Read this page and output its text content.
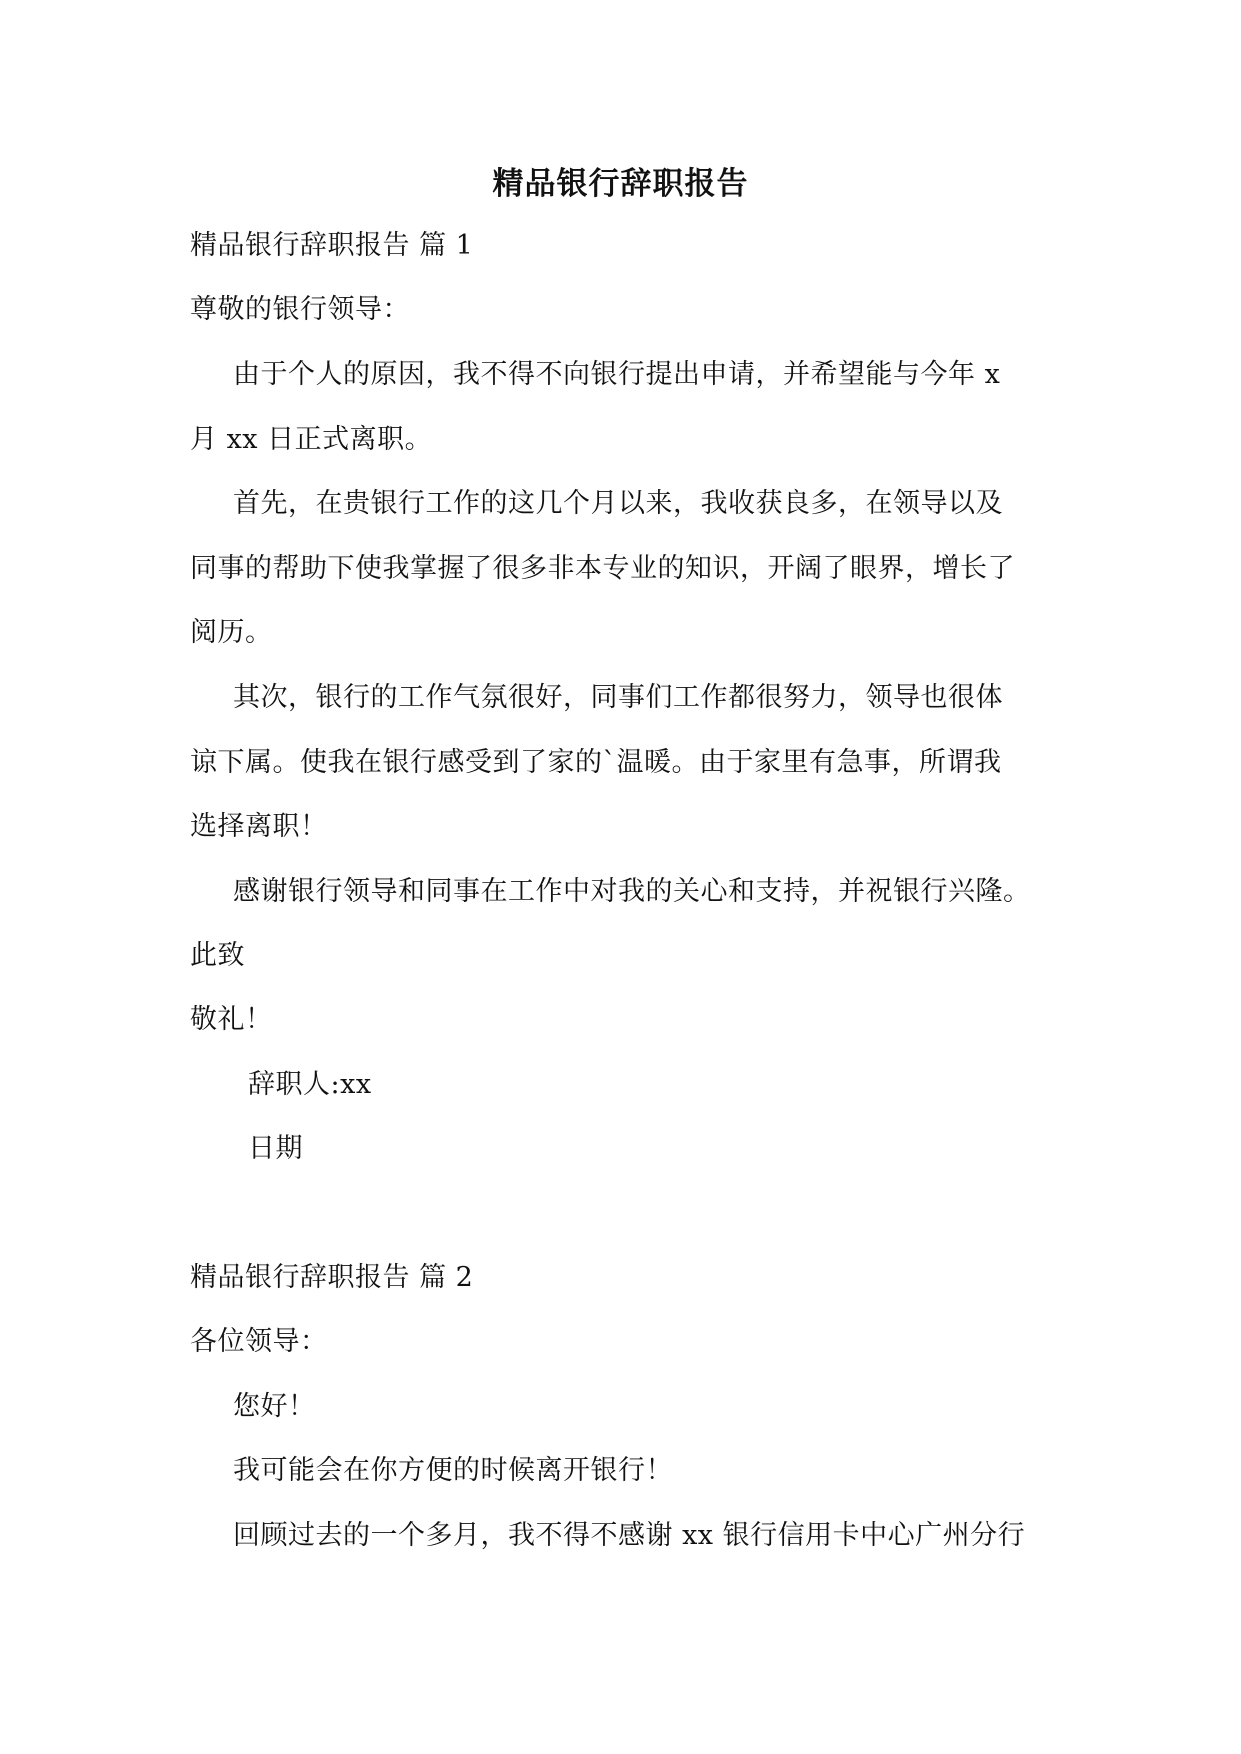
精品银行辞职报告
精品银行辞职报告 篇 1
尊敬的银行领导：
由于个人的原因，我不得不向银行提出申请，并希望能与今年 x
月 xx 日正式离职。
首先，在贵银行工作的这几个月以来，我收获良多，在领导以及
同事的帮助下使我掌握了很多非本专业的知识，开阔了眼界，增长了
阅历。
其次，银行的工作气氛很好，同事们工作都很努力，领导也很体
谅下属。使我在银行感受到了家的`温暖。由于家里有急事，所谓我
选择离职！
感谢银行领导和同事在工作中对我的关心和支持，并祝银行兴隆。
此致
敬礼！
辞职人:xx
日期
精品银行辞职报告 篇 2
各位领导：
您好！
我可能会在你方便的时候离开银行！
回顾过去的一个多月，我不得不感谢 xx 银行信用卡中心广州分行
